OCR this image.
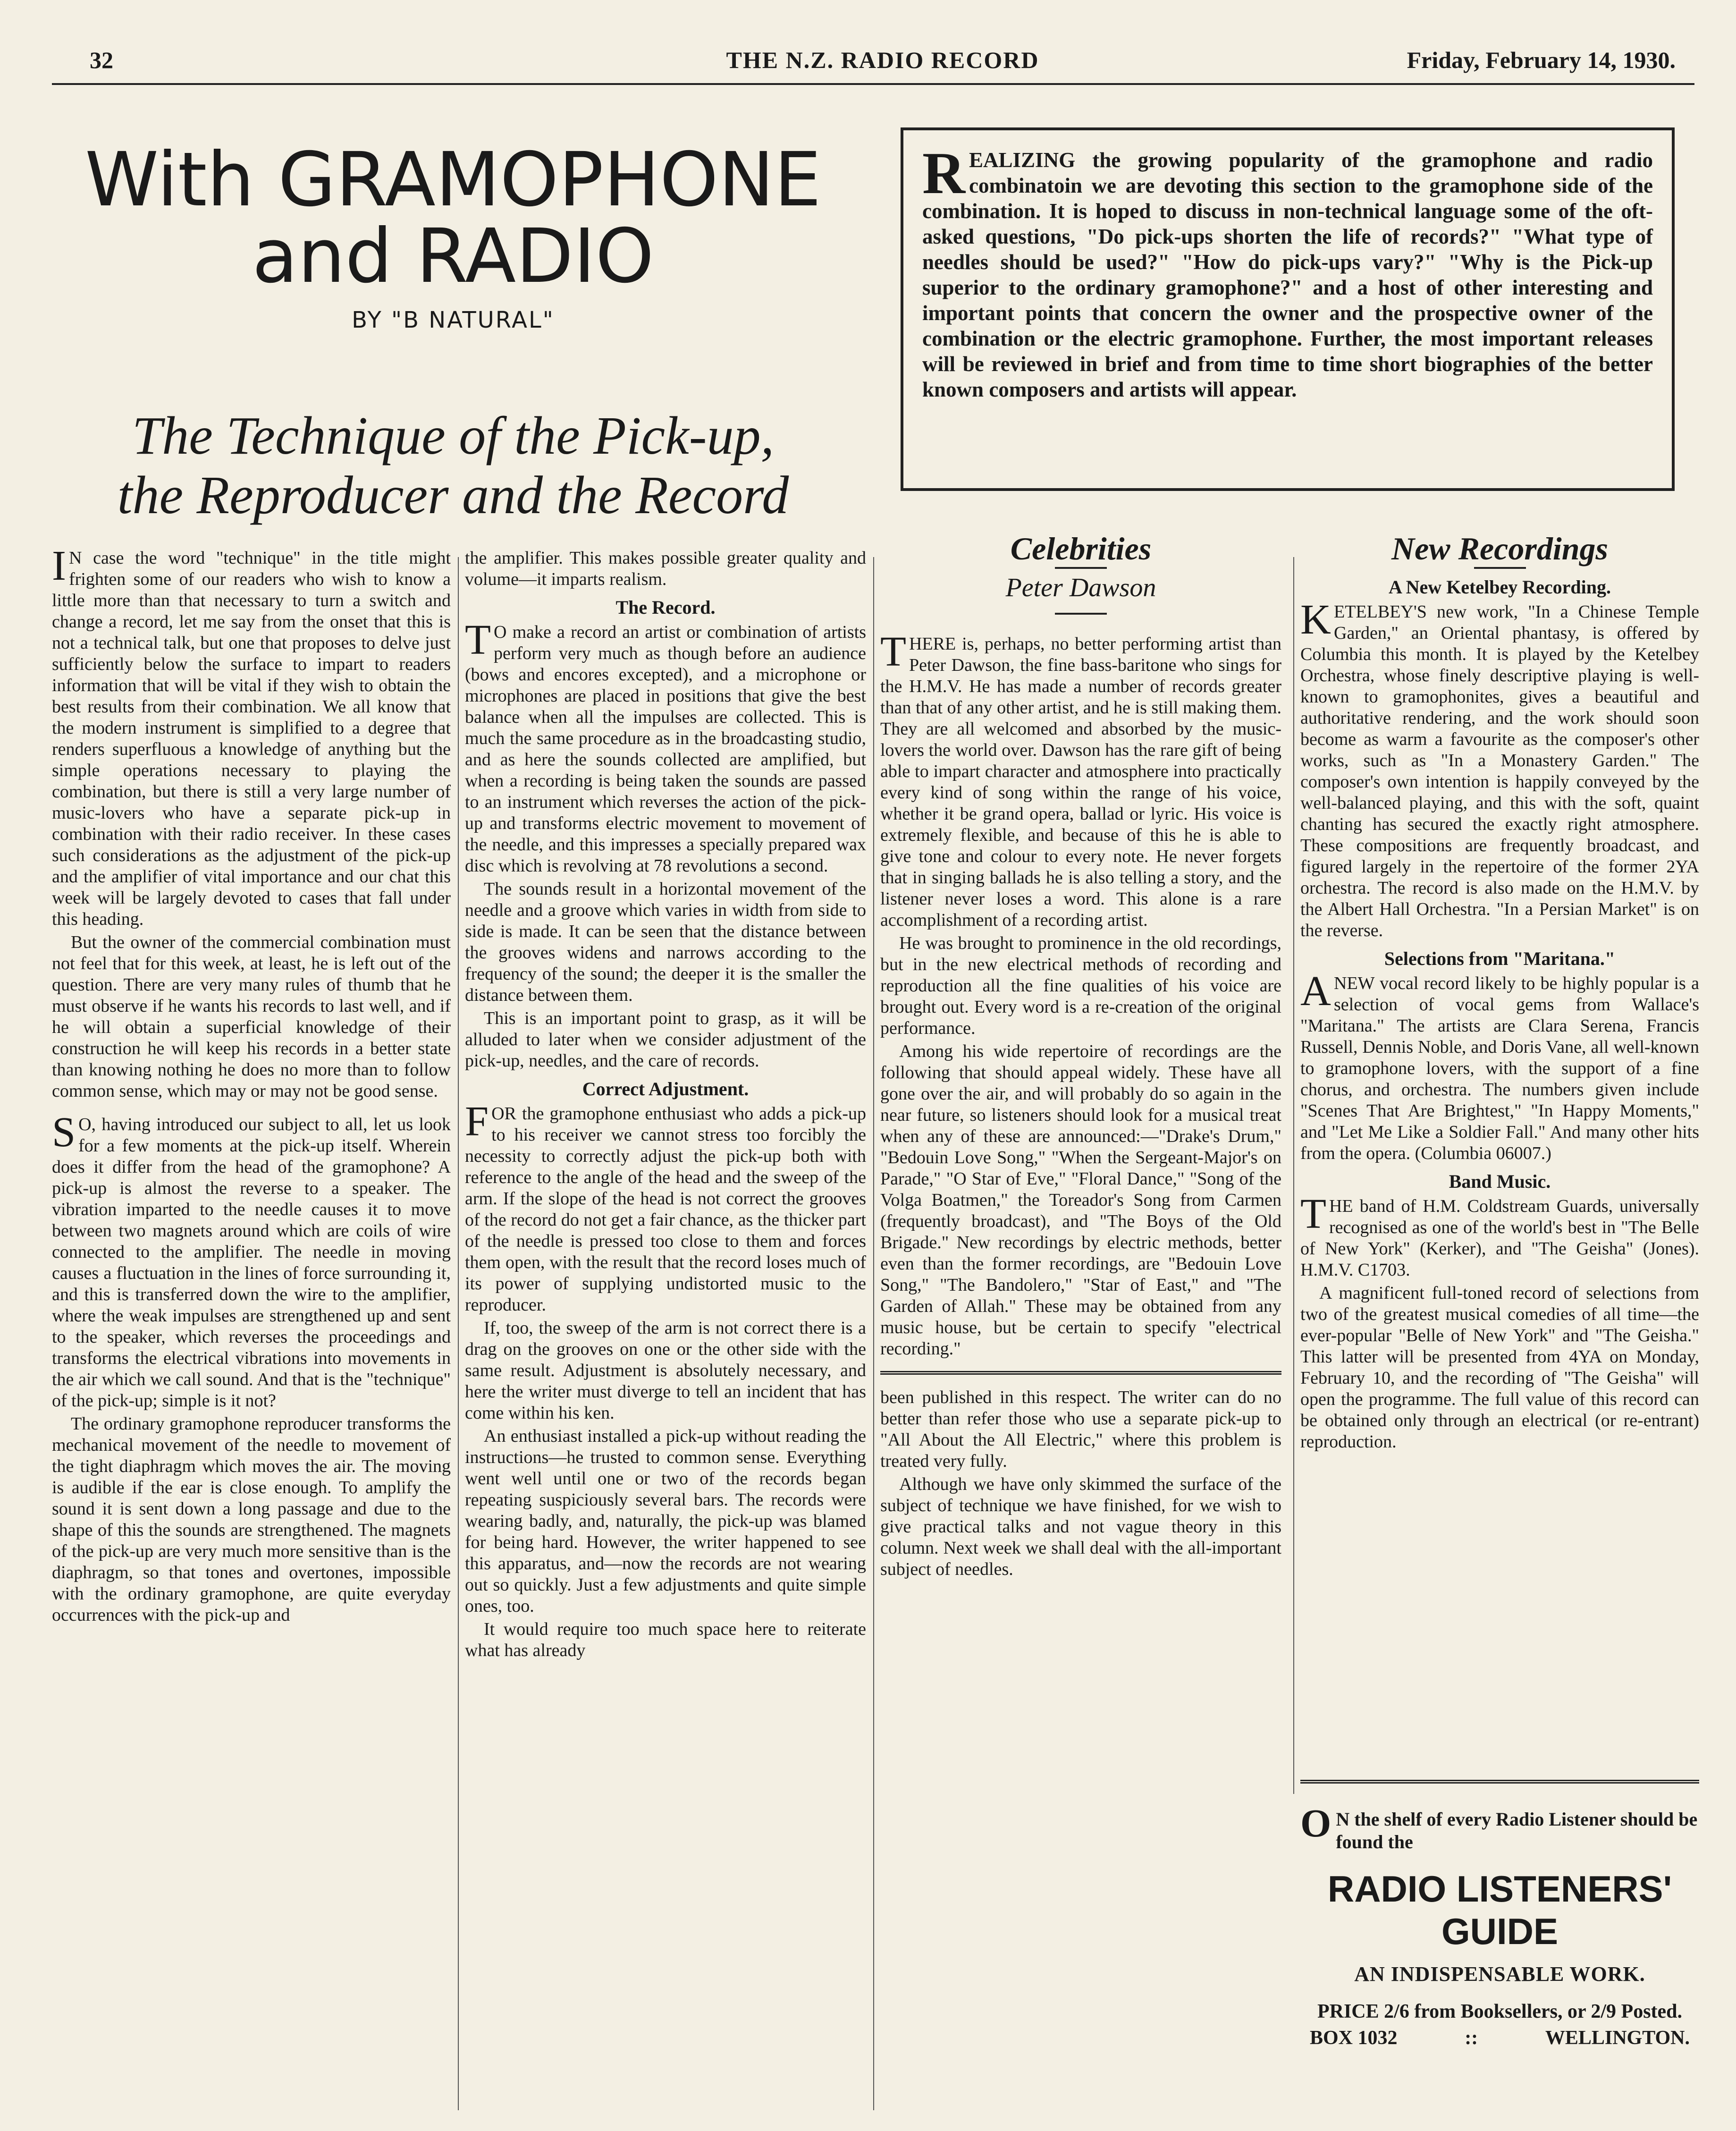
32	THE N.Z. RADIO RECORD	Friday, February 14, 1930.
With GRAMOPHONE
and RADIO
BY "B NATURAL"
The Technique of the Pick-up,
the Reproducer and the Record

REALIZING the growing popularity of the gramophone and radio combinatoin we are devoting this section to the gramophone side of the combination. It is hoped to discuss in non-technical language some of the oft-asked questions, "Do pick-ups shorten the life of records?" "What type of needles should be used?" "How do pick-ups vary?" "Why is the Pick-up superior to the ordinary gramophone?" and a host of other interesting and important points that concern the owner and the prospective owner of the combination or the electric gramophone. Further, the most important releases will be reviewed in brief and from time to time short biographies of the better known composers and artists will appear.

I N case the word "technique" in the title might frighten some of our readers who wish to know a little more than that necessary to turn a switch and change a record, let me say from the onset that this is not a technical talk, but one that proposes to delve just sufficiently below the surface to impart to readers information that will be vital if they wish to obtain the best results from their combination. We all know that the modern instrument is simplified to a degree that renders superfluous a knowledge of anything but the simple operations necessary to playing the combination, but there is still a very large number of music-lovers who have a separate pick-up in combination with their radio receiver. In these cases such considerations as the adjustment of the pick-up and the amplifier of vital importance and our chat this week will be largely devoted to cases that fall under this heading.

But the owner of the commercial combination must not feel that for this week, at least, he is left out of the question. There are very many rules of thumb that he must observe if he wants his records to last well, and if he will obtain a superficial knowledge of their construction he will keep his records in a better state than knowing nothing he does no more than to follow common sense, which may or may not be good sense.

S O, having introduced our subject to all, let us look for a few moments at the pick-up itself. Wherein does it differ from the head of the gramophone? A pick-up is almost the reverse to a speaker. The vibration imparted to the needle causes it to move between two magnets around which are coils of wire connected to the amplifier. The needle in moving causes a fluctuation in the lines of force surrounding it, and this is transferred down the wire to the amplifier, where the weak impulses are strengthened up and sent to the speaker, which reverses the proceedings and transforms the electrical vibrations into movements in the air which we call sound. And that is the "technique" of the pick-up; simple is it not?

The ordinary gramophone reproducer transforms the mechanical movement of the needle to movement of the tight diaphragm which moves the air. The moving is audible if the ear is close enough. To amplify the sound it is sent down a long passage and due to the shape of this the sounds are strengthened. The magnets of the pick-up are very much more sensitive than is the diaphragm, so that tones and overtones, impossible with the ordinary gramophone, are quite everyday occurrences with the pick-up and

the amplifier. This makes possible greater quality and volume—it imparts realism.

The Record.

T O make a record an artist or combination of artists perform very much as though before an audience (bows and encores excepted), and a microphone or microphones are placed in positions that give the best balance when all the impulses are collected. This is much the same procedure as in the broadcasting studio, and as here the sounds collected are amplified, but when a recording is being taken the sounds are passed to an instrument which reverses the action of the pick-up and transforms electric movement to movement of the needle, and this impresses a specially prepared wax disc which is revolving at 78 revolutions a second.

The sounds result in a horizontal movement of the needle and a groove which varies in width from side to side is made. It can be seen that the distance between the grooves widens and narrows according to the frequency of the sound; the deeper it is the smaller the distance between them.

This is an important point to grasp, as it will be alluded to later when we consider adjustment of the pick-up, needles, and the care of records.

Correct Adjustment.

FOR the gramophone enthusiast who adds a pick-up to his receiver we cannot stress too forcibly the necessity to correctly adjust the pick-up both with reference to the angle of the head and the sweep of the arm. If the slope of the head is not correct the grooves of the record do not get a fair chance, as the thicker part of the needle is pressed too close to them and forces them open, with the result that the record loses much of its power of supplying undistorted music to the reproducer.

If, too, the sweep of the arm is not correct there is a drag on the grooves on one or the other side with the same result. Adjustment is absolutely necessary, and here the writer must diverge to tell an incident that has come within his ken.

An enthusiast installed a pick-up without reading the instructions—he trusted to common sense. Everything went well until one or two of the records began repeating suspiciously several bars. The records were wearing badly, and, naturally, the pick-up was blamed for being hard. However, the writer happened to see this apparatus, and—now the records are not wearing out so quickly. Just a few adjustments and quite simple ones, too.

It would require too much space here to reiterate what has already

Celebrities
Peter Dawson

THERE is, perhaps, no better performing artist than Peter Dawson, the fine bass-baritone who sings for the H.M.V. He has made a number of records greater than that of any other artist, and he is still making them. They are all welcomed and absorbed by the music-lovers the world over. Dawson has the rare gift of being able to impart character and atmosphere into practically every kind of song within the range of his voice, whether it be grand opera, ballad or lyric. His voice is extremely flexible, and because of this he is able to give tone and colour to every note. He never forgets that in singing ballads he is also telling a story, and the listener never loses a word. This alone is a rare accomplishment of a recording artist.

He was brought to prominence in the old recordings, but in the new electrical methods of recording and reproduction all the fine qualities of his voice are brought out. Every word is a re-creation of the original performance.

Among his wide repertoire of recordings are the following that should appeal widely. These have all gone over the air, and will probably do so again in the near future, so listeners should look for a musical treat when any of these are announced:—"Drake's Drum," "Bedouin Love Song," "When the Sergeant-Major's on Parade," "O Star of Eve," "Floral Dance," "Song of the Volga Boatmen," the Toreador's Song from Carmen (frequently broadcast), and "The Boys of the Old Brigade." New recordings by electric methods, better even than the former recordings, are "Bedouin Love Song," "The Bandolero," "Star of East," and "The Garden of Allah." These may be obtained from any music house, but be certain to specify "electrical recording."

been published in this respect. The writer can do no better than refer those who use a separate pick-up to "All About the All Electric," where this problem is treated very fully.

Although we have only skimmed the surface of the subject of technique we have finished, for we wish to give practical talks and not vague theory in this column. Next week we shall deal with the all-important subject of needles.

New Recordings
A New Ketelbey Recording.

KETELBEY'S new work, "In a Chinese Temple Garden," an Oriental phantasy, is offered by Columbia this month. It is played by the Ketelbey Orchestra, whose finely descriptive playing is well-known to gramophonites, gives a beautiful and authoritative rendering, and the work should soon become as warm a favourite as the composer's other works, such as "In a Monastery Garden." The composer's own intention is happily conveyed by the well-balanced playing, and this with the soft, quaint chanting has secured the exactly right atmosphere. These compositions are frequently broadcast, and figured largely in the repertoire of the former 2YA orchestra. The record is also made on the H.M.V. by the Albert Hall Orchestra. "In a Persian Market" is on the reverse.

Selections from "Maritana."

ANEW vocal record likely to be highly popular is a selection of vocal gems from Wallace's "Maritana." The artists are Clara Serena, Francis Russell, Dennis Noble, and Doris Vane, all well-known to gramophone lovers, with the support of a fine chorus, and orchestra. The numbers given include "Scenes That Are Brightest," "In Happy Moments," and "Let Me Like a Soldier Fall." And many other hits from the opera. (Columbia 06007.)

Band Music.

THE band of H.M. Coldstream Guards, universally recognised as one of the world's best in "The Belle of New York" (Kerker), and "The Geisha" (Jones). H.M.V. C1703.

A magnificent full-toned record of selections from two of the greatest musical comedies of all time—the ever-popular "Belle of New York" and "The Geisha." This latter will be presented from 4YA on Monday, February 10, and the recording of "The Geisha" will open the programme. The full value of this record can be obtained only through an electrical (or re-entrant) reproduction.

O N the shelf of every Radio Listener should be found the
RADIO LISTENERS'
GUIDE
AN INDISPENSABLE WORK.
PRICE 2/6 from Booksellers, or 2/9 Posted.
BOX 1032	::	WELLINGTON.
